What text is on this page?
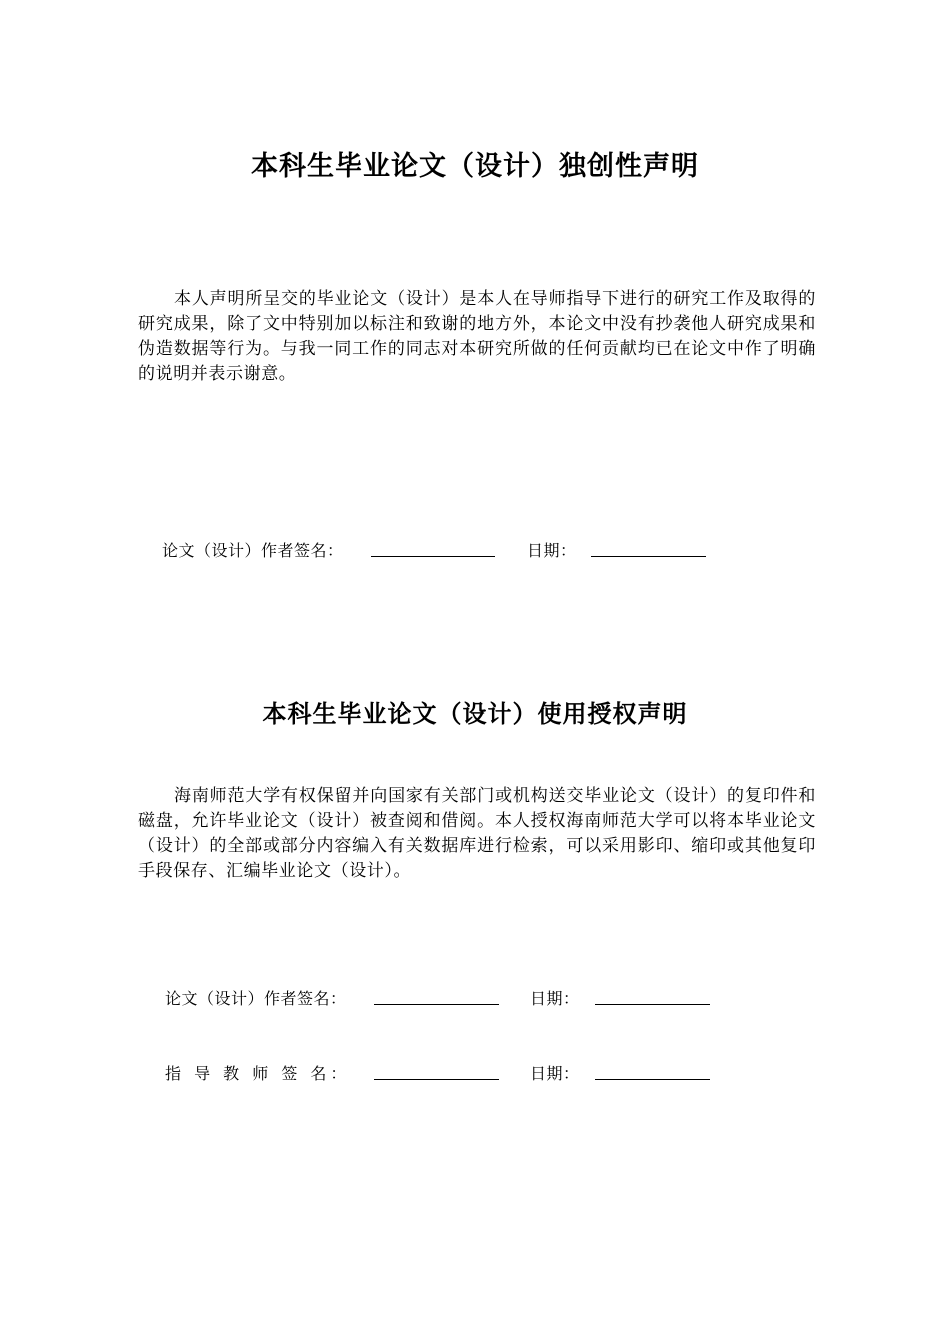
本科生毕业论文（设计）独创性声明

本人声明所呈交的毕业论文（设计）是本人在导师指导下进行的研究工作及取得的研究成果，除了文中特别加以标注和致谢的地方外，本论文中没有抄袭他人研究成果和伪造数据等行为。与我一同工作的同志对本研究所做的任何贡献均已在论文中作了明确的说明并表示谢意。

论文（设计）作者签名：	日期：
本科生毕业论文（设计）使用授权声明

海南师范大学有权保留并向国家有关部门或机构送交毕业论文（设计）的复印件和磁盘，允许毕业论文（设计）被查阅和借阅。本人授权海南师范大学可以将本毕业论文（设计）的全部或部分内容编入有关数据库进行检索，可以采用影印、缩印或其他复印手段保存、汇编毕业论文（设计）。

论文（设计）作者签名：	日期：
指 导 教 师 签 名：	日期：
